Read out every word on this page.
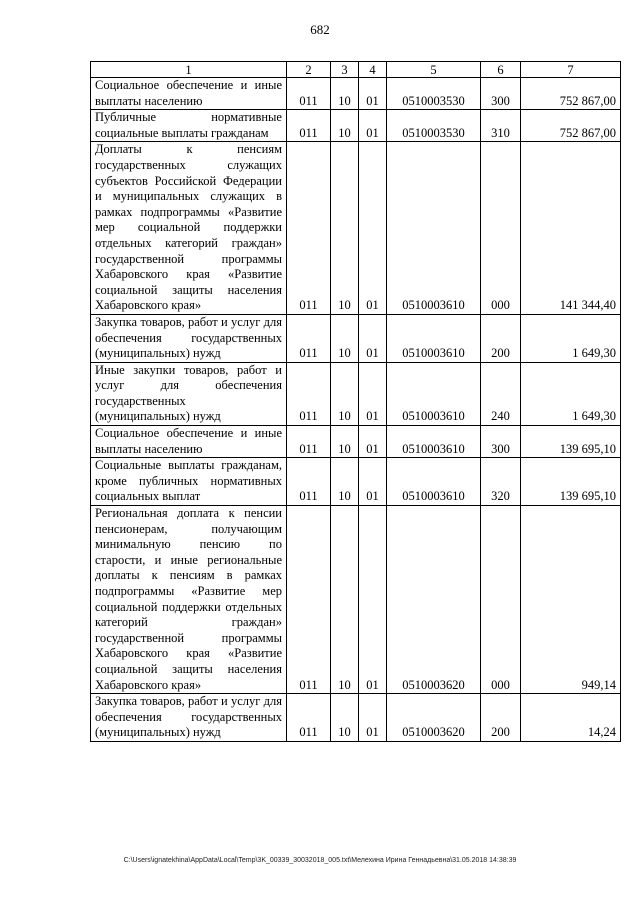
682
1	2	3	4	5	6	7
Социальное обеспечение и иные выплаты населению	011	10	01	0510003530	300	752 867,00
Публичные нормативные социальные выплаты гражданам	011	10	01	0510003530	310	752 867,00
Доплаты к пенсиям государственных служащих субъектов Российской Федерации и муниципальных служащих в рамках подпрограммы «Развитие мер социальной поддержки отдельных категорий граждан» государственной программы Хабаровского края «Развитие социальной защиты населения Хабаровского края»	011	10	01	0510003610	000	141 344,40
Закупка товаров, работ и услуг для обеспечения государственных (муниципальных) нужд	011	10	01	0510003610	200	1 649,30
Иные закупки товаров, работ и услуг для обеспечения государственных (муниципальных) нужд	011	10	01	0510003610	240	1 649,30
Социальное обеспечение и иные выплаты населению	011	10	01	0510003610	300	139 695,10
Социальные выплаты гражданам, кроме публичных нормативных социальных выплат	011	10	01	0510003610	320	139 695,10
Региональная доплата к пенсии пенсионерам, получающим минимальную пенсию по старости, и иные региональные доплаты к пенсиям в рамках подпрограммы «Развитие мер социальной поддержки отдельных категорий граждан» государственной программы Хабаровского края «Развитие социальной защиты населения Хабаровского края»	011	10	01	0510003620	000	949,14
Закупка товаров, работ и услуг для обеспечения государственных (муниципальных) нужд	011	10	01	0510003620	200	14,24
C:\Users\ignatekhina\AppData\Local\Temp\3K_00339_30032018_005.txt\Мелехина Ирина Геннадьевна\31.05.2018 14:38:39
